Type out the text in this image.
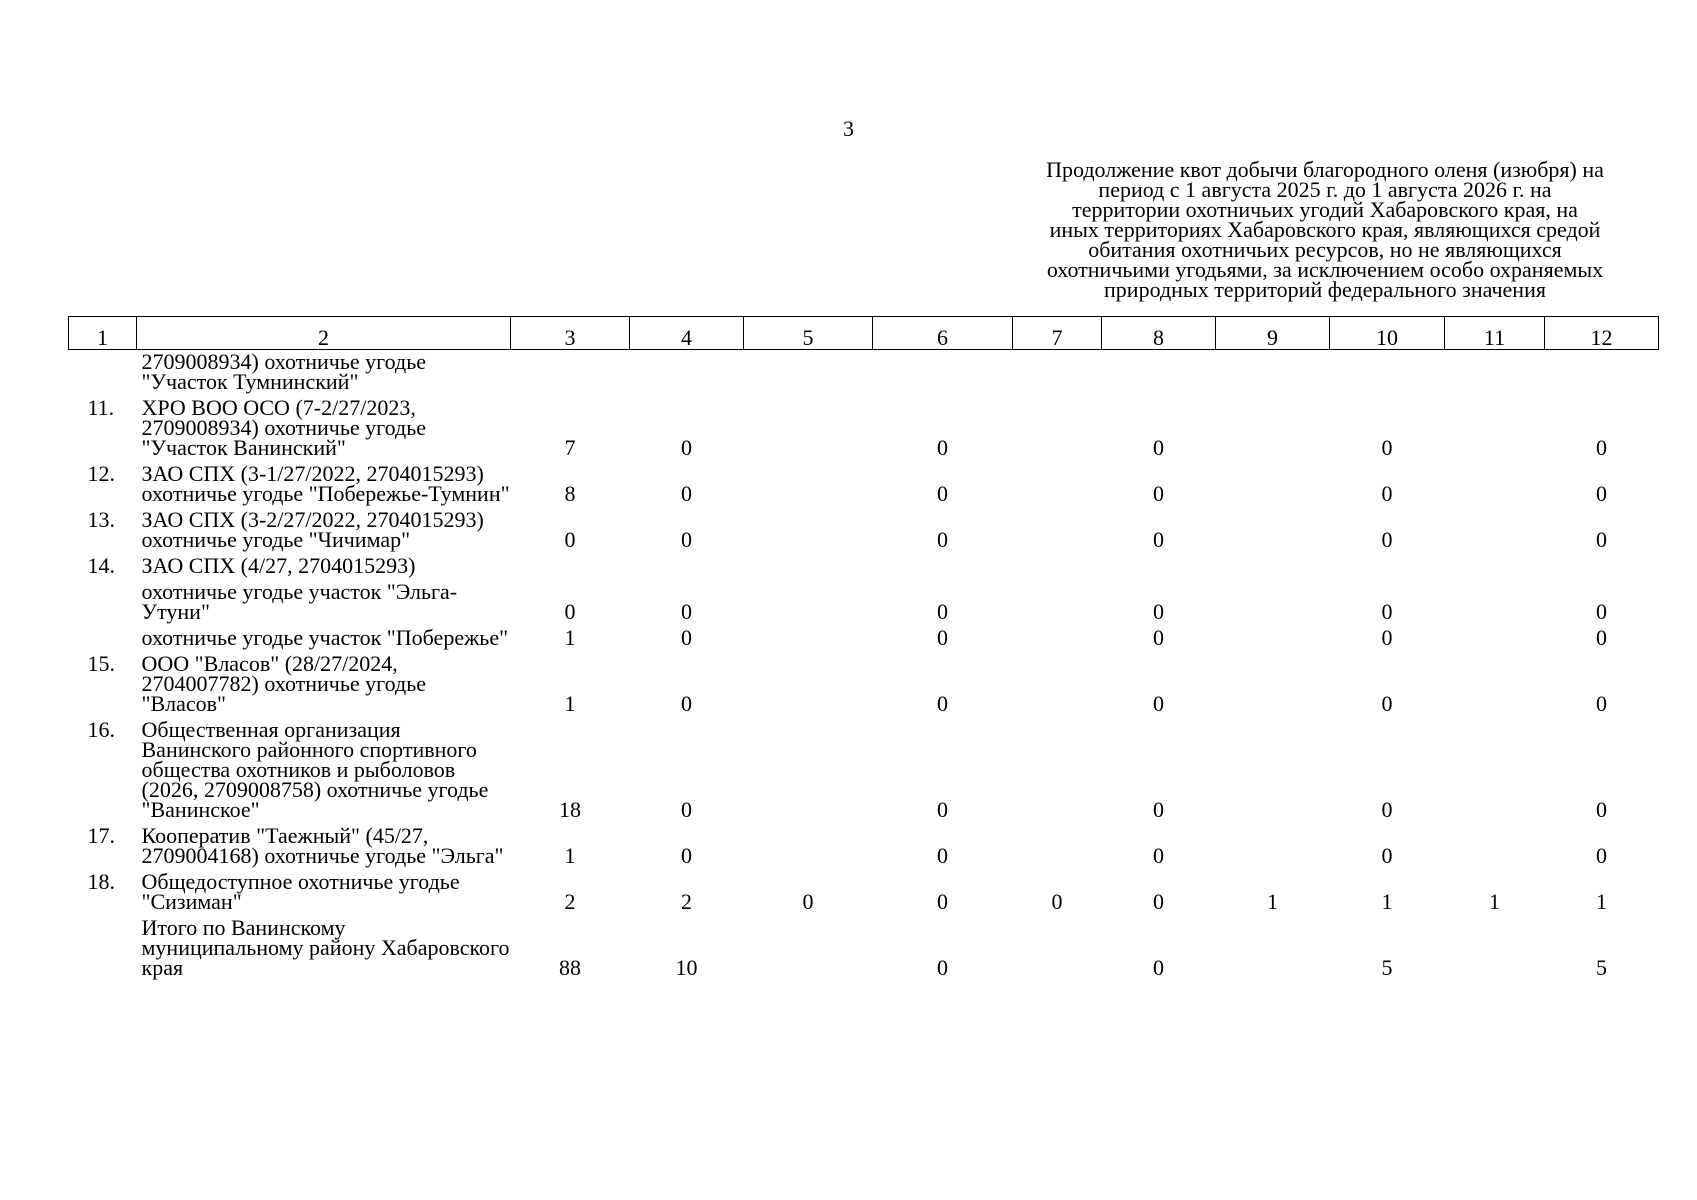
3
Продолжение квот добычи благородного оленя (изюбря) на
период с 1 августа 2025 г. до 1 августа 2026 г. на
территории охотничьих угодий Хабаровского края, на
иных территориях Хабаровского края, являющихся средой
обитания охотничьих ресурсов, но не являющихся
охотничьими угодьями, за исключением особо охраняемых
природных территорий федерального значения
1	2	3	4	5	6	7	8	9	10	11	12
	2709008934) охотничье угодье "Участок Тумнинский"										
11.	ХРО ВОО ОСО (7-2/27/2023, 2709008934) охотничье угодье "Участок Ванинский"	7	0		0		0		0		0
12.	ЗАО СПХ (3-1/27/2022, 2704015293) охотничье угодье "Побережье-Тумнин"	8	0		0		0		0		0
13.	ЗАО СПХ (3-2/27/2022, 2704015293) охотничье угодье "Чичимар"	0	0		0		0		0		0
14.	ЗАО СПХ (4/27, 2704015293)										
	охотничье угодье участок "Эльга-Утуни"	0	0		0		0		0		0
	охотничье угодье участок "Побережье"	1	0		0		0		0		0
15.	ООО "Власов" (28/27/2024, 2704007782) охотничье угодье "Власов"	1	0		0		0		0		0
16.	Общественная организация Ванинского районного спортивного общества охотников и рыболовов (2026, 2709008758) охотничье угодье "Ванинское"	18	0		0		0		0		0
17.	Кооператив "Таежный" (45/27, 2709004168) охотничье угодье "Эльга"	1	0		0		0		0		0
18.	Общедоступное охотничье угодье "Сизиман"	2	2	0	0	0	0	1	1	1	1
	Итого по Ванинскому муниципальному району Хабаровского края	88	10		0		0		5		5
